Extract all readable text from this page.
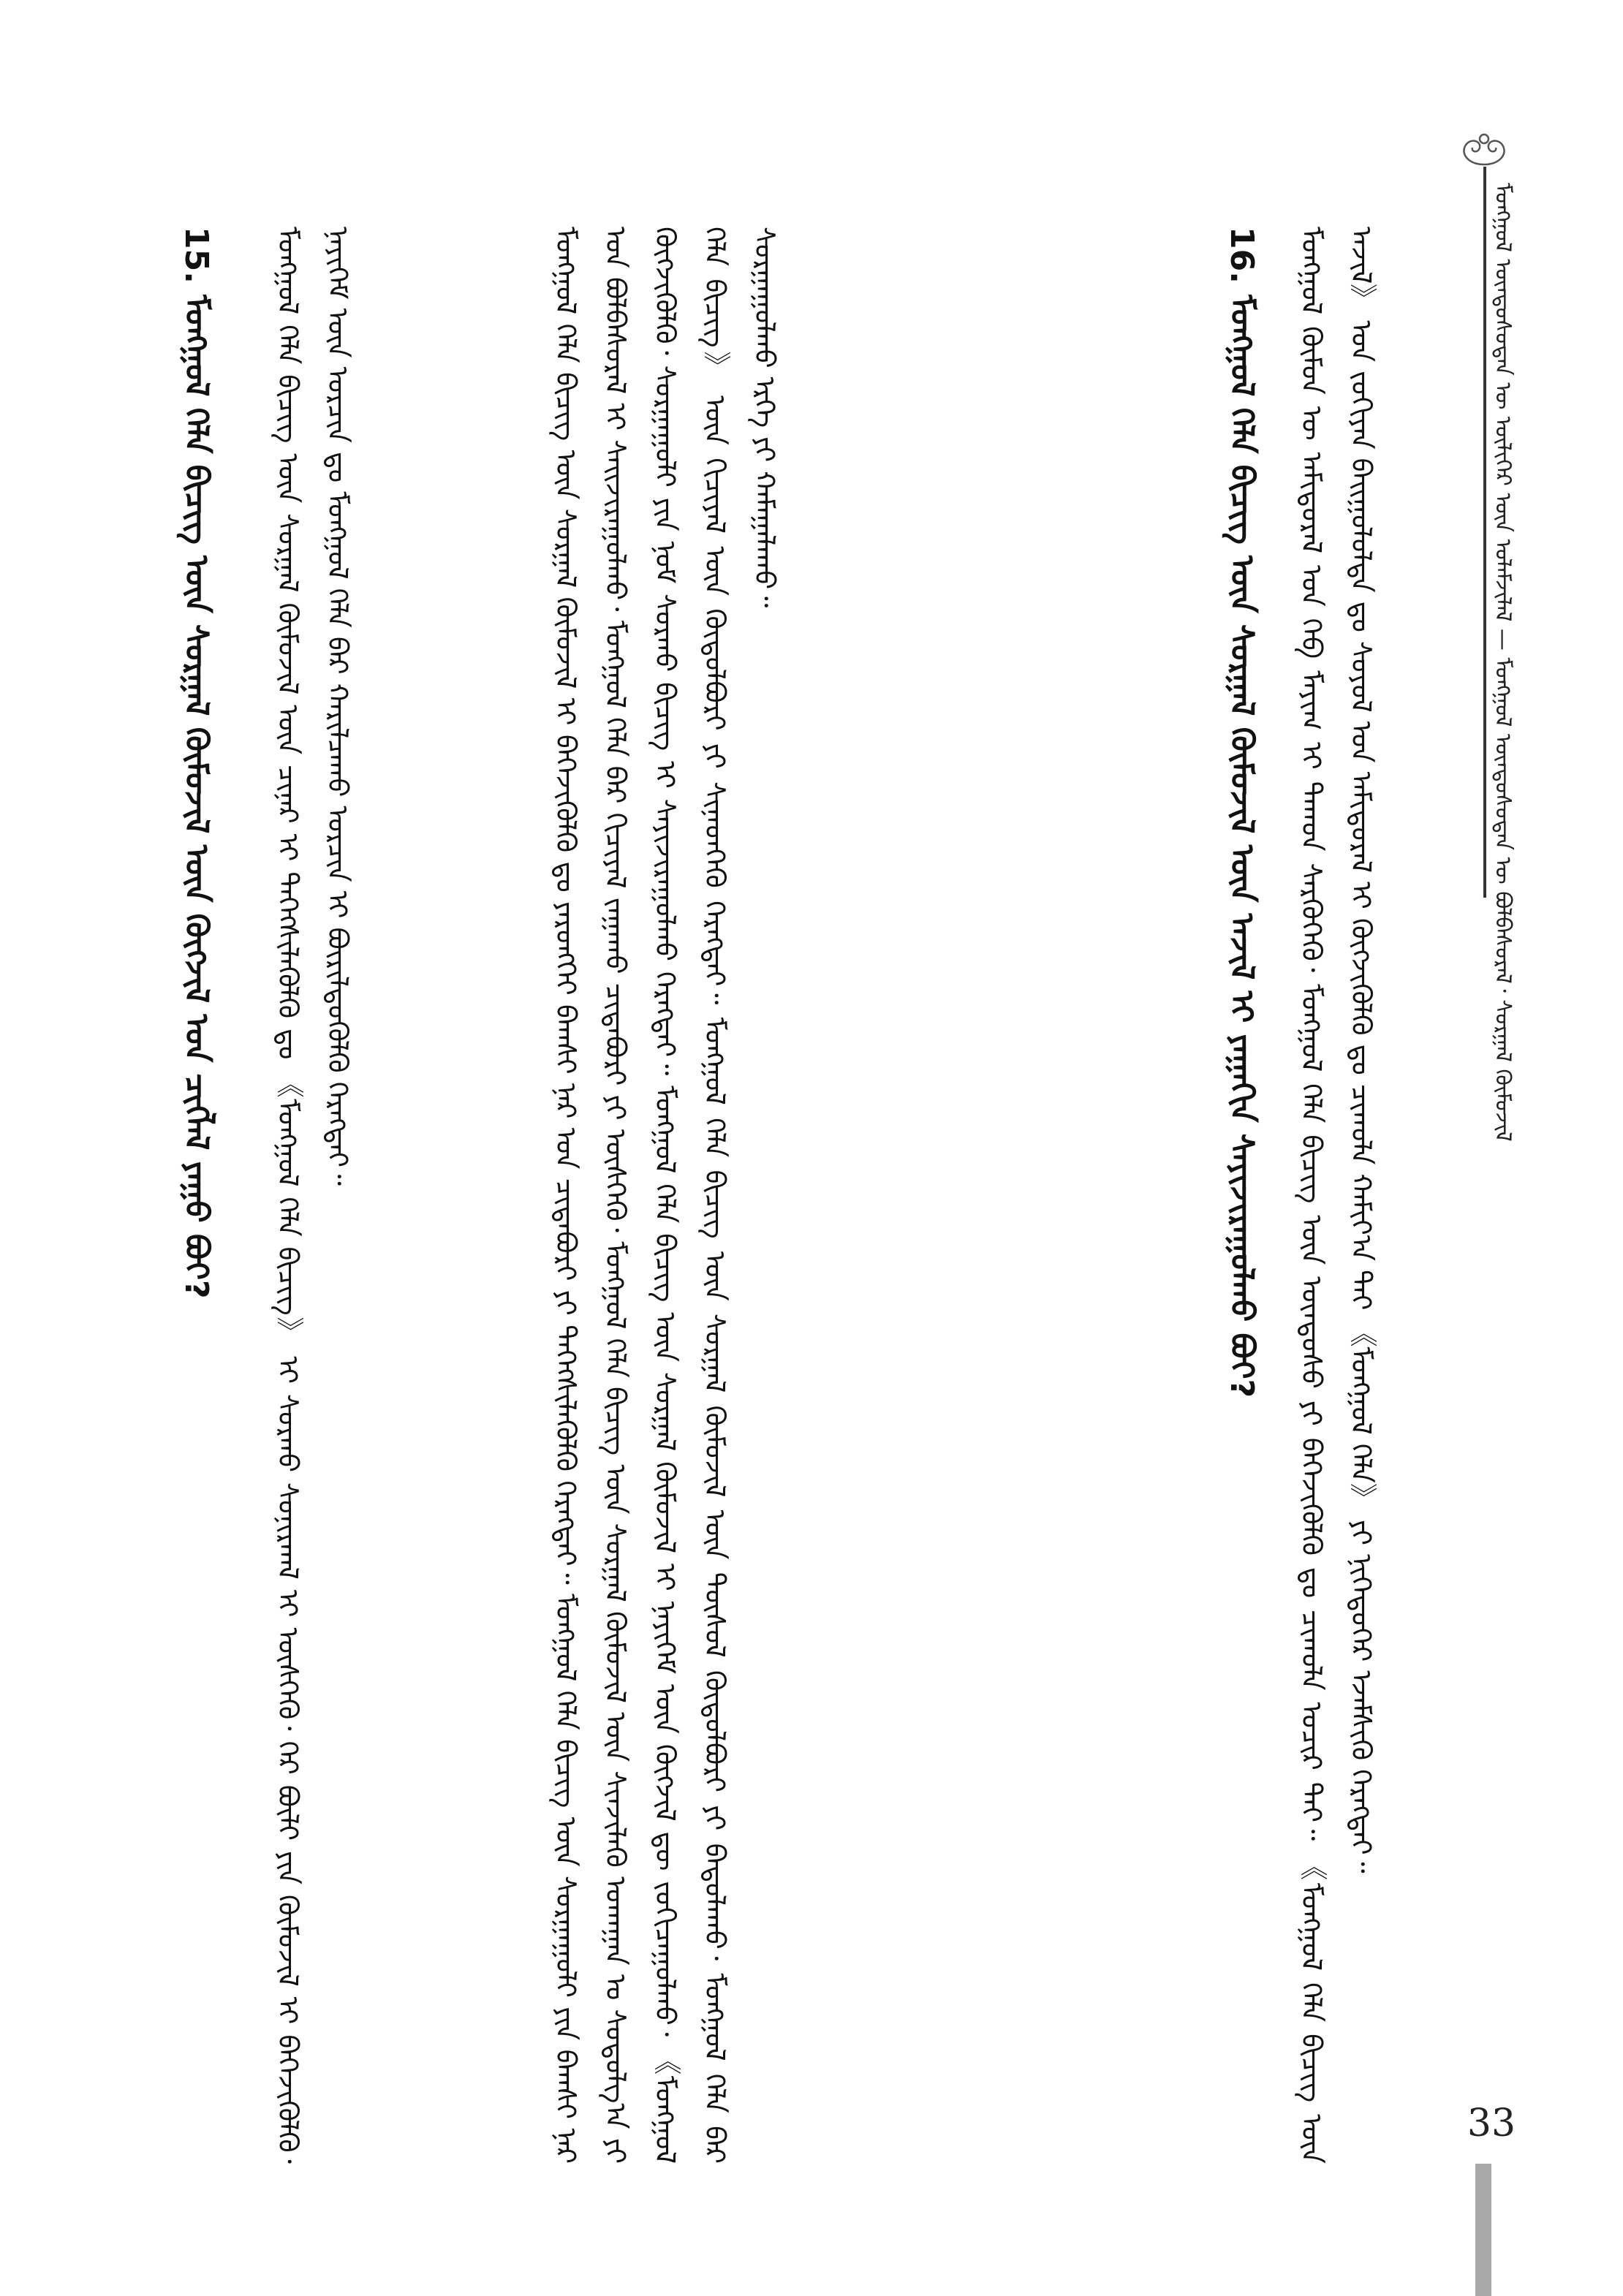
ᠮᠣᠩᠭᠣᠯ ᠦᠨᠳᠦᠰᠦᠲᠡᠨ ᠦ ᠦᠯᠢᠭᠡᠷ ᠦᠨ ᠤᠯᠠᠮᠵᠢᠯᠠᠯ — ᠮᠣᠩᠭᠣᠯ ᠦᠨᠳᠦᠰᠦᠲᠡᠨ ᠦ ᠪᠣᠯᠪᠠᠰᠤᠷᠠᠯ᠂ ᠰᠤᠷᠭᠠᠯ ᠬᠦᠮᠦᠵᠢᠯ
ᠮᠣᠩᠭᠣᠯ ᠬᠦᠮᠦᠨ ᠦ ᠠᠮᠢᠳᠤᠷᠠᠯ ᠤᠨ ᠬᠡᠪ ᠮᠠᠶᠢᠭ ᠢ ᠳᠠᠬᠤᠨ ᠰᠡᠷᠭᠦᠭᠡᠬᠦ᠂ ᠮᠣᠩᠭᠣᠯ ᠬᠡᠯᠡ ᠪᠢᠴᠢᠭ ᠦᠨ ᠦᠨᠳᠦᠰᠦ ᠶᠢ ᠪᠡᠬᠡᠵᠢᠭᠦᠯᠬᠦ ᠳᠤ ᠴᠢᠬᠤᠯᠠ ᠤᠴᠢᠷ ᠲᠠᠢ᠃ 《ᠮᠣᠩᠭᠣᠯ ᠬᠡᠯᠡ ᠪᠢᠴᠢᠭ ᠦᠨ ᠠᠵᠢᠯ》 ᠤᠨ ᠵᠣᠬᠢᠶᠠᠨ ᠪᠠᠢᠭᠤᠯᠤᠯᠲᠠ ᠳᠤ ᠰᠣᠶᠤᠯ ᠤᠨ ᠠᠮᠢᠳᠤᠷᠠᠯ ᠢ ᠬᠥᠭᠵᠢᠭᠦᠯᠬᠦ ᠳᠤ ᠴᠢᠬᠤᠯᠠ ᠬᠠᠮᠢᠶ᠎ᠠ ᠲᠠᠢ 《ᠮᠣᠩᠭᠣᠯ ᠬᠡᠯᠡ》 ᠶᠢ ᠨᠢᠭᠡᠳᠦᠭᠡᠷ ᠡᠵᠡᠮᠰᠢᠬᠦ ᠬᠡᠷᠡᠭᠲᠡᠢ᠃
16. ᠮᠣᠩᠭᠣᠯ ᠬᠡᠯᠡ ᠪᠢᠴᠢᠭ ᠦᠨ ᠰᠤᠷᠭᠠᠯ ᠬᠦᠮᠦᠵᠢᠯ ᠦᠨ ᠠᠵᠢᠯ ᠢ ᠶᠠᠭᠠᠬᠢᠨ ᠰᠠᠶᠢᠵᠢᠷᠠᠭᠤᠯᠬᠤ ᠪᠤᠢ?
ᠮᠣᠩᠭᠣᠯ ᠬᠡᠯᠡ ᠪᠢᠴᠢᠭ ᠦᠨ ᠰᠤᠷᠭᠠᠯ ᠬᠦᠮᠦᠵᠢᠯ ᠢ ᠪᠡᠬᠡᠵᠢᠭᠦᠯᠬᠦ ᠳᠤ ᠶᠡᠷᠦᠩᠬᠡᠢ ᠪᠠᠭᠰᠢ ᠨᠠᠷ ᠤᠨ ᠴᠢᠳᠠᠪᠤᠷᠢ ᠶᠢ ᠳᠡᠭᠡᠭᠰᠢᠯᠡᠭᠦᠯᠬᠦ ᠬᠡᠷᠡᠭᠲᠡᠢ᠃ ᠮᠣᠩᠭᠣᠯ ᠬᠡᠯᠡ ᠪᠢᠴᠢᠭ ᠦᠨ ᠰᠤᠷᠭᠠᠭᠤᠯᠢ ᠶᠢᠨ ᠪᠠᠭᠰᠢ ᠨᠠᠷ ᠤᠨ ᠪᠣᠯᠪᠠᠰᠤᠷᠠᠯ ᠢ ᠰᠠᠢᠵᠢᠷᠠᠭᠤᠯᠬᠤ᠂ ᠮᠣᠩᠭᠣᠯ ᠬᠡᠯᠡ ᠪᠡᠷ ᠬᠢᠴᠢᠶᠡᠯ ᠵᠠᠭᠠᠬᠤ ᠴᠢᠳᠠᠪᠤᠷᠢ ᠶᠢ ᠥᠰᠬᠡᠬᠦ᠂ ᠮᠣᠩᠭᠣᠯ ᠬᠡᠯᠡ ᠪᠢᠴᠢᠭ ᠦᠨ ᠰᠤᠷᠭᠠᠯ ᠬᠦᠮᠦᠵᠢᠯ ᠦᠨ ᠰᠢᠨᠵᠢᠯᠡᠬᠦ ᠤᠬᠠᠭᠠᠨ ᠤ ᠰᠤᠳᠤᠯᠭ᠎ᠠ ᠶᠢ ᠬᠥᠭᠵᠢᠭᠦᠯᠬᠦ᠂ ᠰᠤᠷᠭᠠᠭᠤᠯᠢ ᠶᠢᠨ ᠨᠣᠮ ᠰᠤᠷᠬᠤ ᠪᠢᠴᠢᠭ ᠢ ᠰᠠᠶᠢᠵᠢᠷᠠᠭᠤᠯᠬᠤ ᠬᠡᠷᠡᠭᠲᠡᠢ᠃ ᠮᠣᠩᠭᠣᠯ ᠬᠡᠯᠡ ᠪᠢᠴᠢᠭ ᠦᠨ ᠰᠤᠷᠭᠠᠯ ᠬᠦᠮᠦᠵᠢᠯ ᠢ ᠨᠡᠶᠢᠭᠡᠮ ᠦᠨ ᠬᠥᠭᠵᠢᠯ ᠳᠦ ᠵᠣᠬᠢᠴᠠᠭᠤᠯᠬᠤ᠂ 《ᠮᠣᠩᠭᠣᠯ ᠬᠡᠯᠡ ᠪᠢᠴᠢᠭ》 ᠦᠨ ᠬᠢᠴᠢᠶᠡᠯ ᠦᠨ ᠬᠦᠳᠦᠯᠪᠦᠷᠢ ᠶᠢ ᠰᠢᠨᠡᠳᠭᠡᠬᠦ ᠬᠡᠷᠡᠭᠲᠡᠢ᠃ ᠮᠣᠩᠭᠣᠯ ᠬᠡᠯᠡ ᠪᠢᠴᠢᠭ ᠦᠨ ᠰᠤᠷᠭᠠᠯ ᠬᠦᠮᠦᠵᠢᠯ ᠦᠨ ᠲᠥᠰᠦᠯ ᠬᠥᠲᠦᠯᠪᠦᠷᠢ ᠶᠢ ᠪᠠᠲᠤᠯᠠᠬᠤ᠂ ᠮᠣᠩᠭᠣᠯ ᠬᠡᠯᠡ ᠪᠡᠷ ᠰᠤᠷᠭᠠᠭᠤᠯᠬᠤ ᠡᠷᠬᠡ ᠶᠢ ᠬᠠᠮᠠᠭᠠᠯᠠᠬᠤ᠃
ᠮᠣᠩᠭᠣᠯ ᠬᠡᠯᠡ ᠪᠢᠴᠢᠭ ᠦᠨ ᠰᠤᠷᠭᠠᠯ ᠬᠦᠮᠦᠵᠢᠯ ᠦᠨ ᠴᠢᠨᠠᠷ ᠢ ᠳᠡᠭᠡᠭᠰᠢᠯᠡᠭᠦᠯᠬᠦ ᠳᠤ 《ᠮᠣᠩᠭᠣᠯ ᠬᠡᠯᠡ ᠪᠢᠴᠢᠭ》 ᠢ ᠰᠤᠷᠬᠤ ᠰᠣᠨᠢᠷᠬᠠᠯ ᠢ ᠥᠰᠬᠡᠬᠦ᠂ ᠭᠡᠷ ᠪᠦᠯᠢ ᠶᠢᠨ ᠬᠦᠮᠦᠵᠢᠯ ᠢ ᠪᠡᠬᠡᠵᠢᠭᠦᠯᠬᠦ᠂ ᠨᠡᠶᠢᠭᠡᠮ ᠦᠨ ᠣᠷᠴᠢᠨ ᠳᠤ ᠮᠣᠩᠭᠣᠯ ᠬᠡᠯᠡ ᠪᠡᠷ ᠬᠠᠷᠢᠯᠴᠠᠬᠤ ᠣᠷᠴᠢᠨ ᠢ ᠪᠦᠷᠢᠯᠳᠦᠭᠦᠯᠬᠦ ᠬᠡᠷᠡᠭᠲᠡᠢ᠃
15. ᠮᠣᠩᠭᠣᠯ ᠬᠡᠯᠡ ᠪᠢᠴᠢᠭ ᠦᠨ ᠰᠤᠷᠭᠠᠯ ᠬᠦᠮᠦᠵᠢᠯ ᠦᠨ ᠬᠥᠭᠵᠢᠯ ᠤᠨ ᠴᠢᠭᠯᠡᠯ ᠶᠠᠭᠤ ᠪᠤᠢ?
33
